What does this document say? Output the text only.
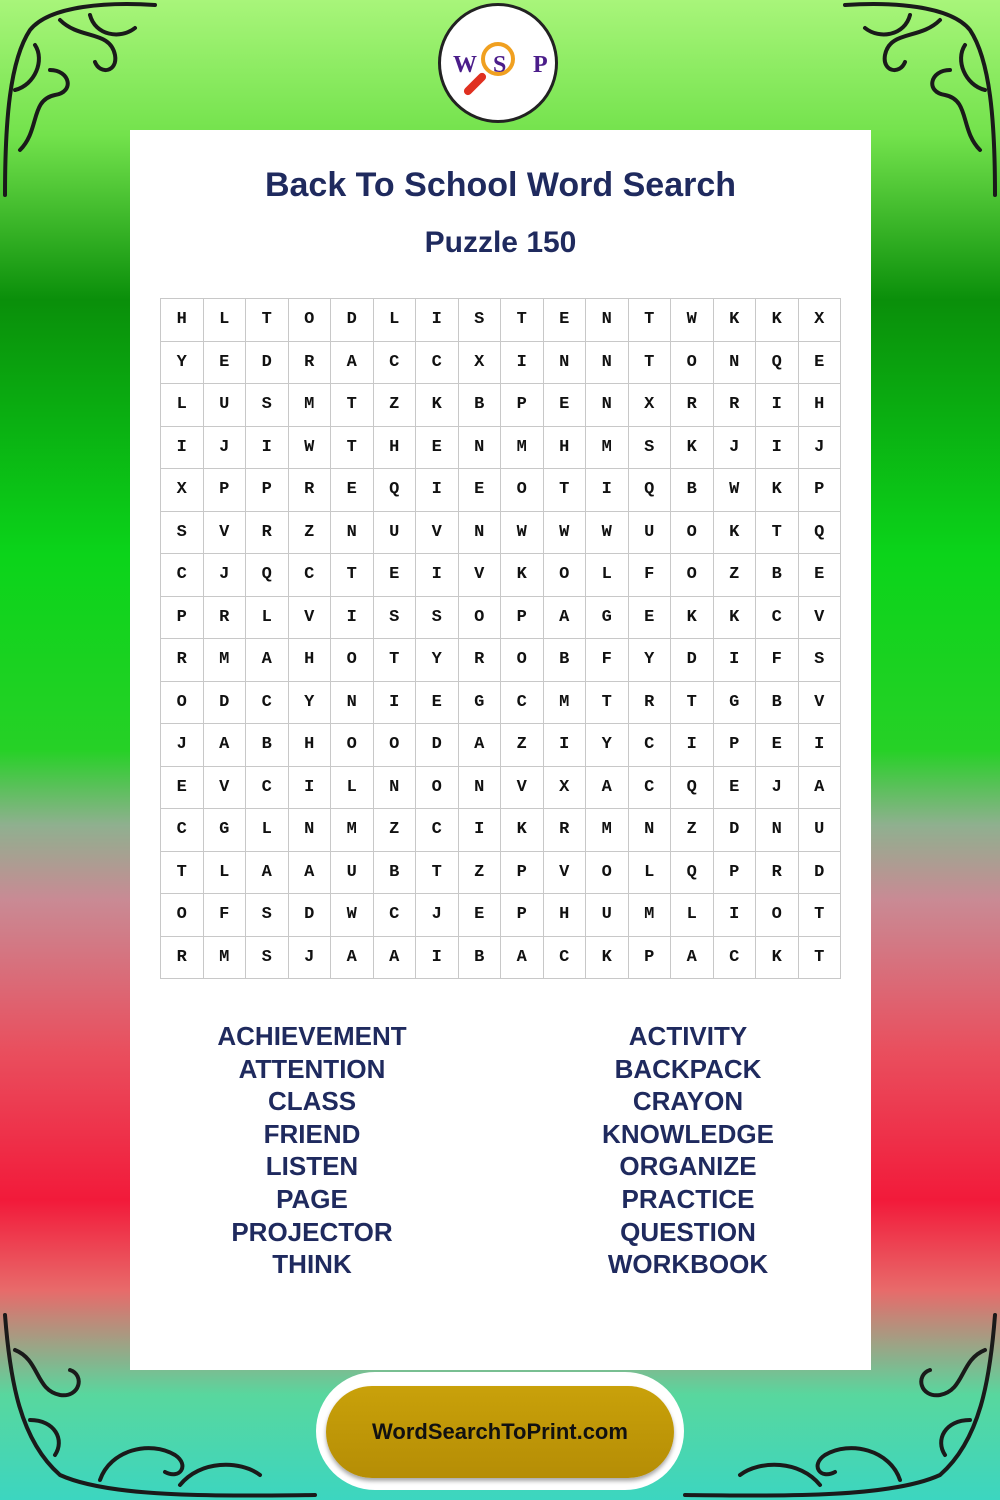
W S P
Back To School Word Search
Puzzle 150
H	L	T	O	D	L	I	S	T	E	N	T	W	K	K	X
Y	E	D	R	A	C	C	X	I	N	N	T	O	N	Q	E
L	U	S	M	T	Z	K	B	P	E	N	X	R	R	I	H
I	J	I	W	T	H	E	N	M	H	M	S	K	J	I	J
X	P	P	R	E	Q	I	E	O	T	I	Q	B	W	K	P
S	V	R	Z	N	U	V	N	W	W	W	U	O	K	T	Q
C	J	Q	C	T	E	I	V	K	O	L	F	O	Z	B	E
P	R	L	V	I	S	S	O	P	A	G	E	K	K	C	V
R	M	A	H	O	T	Y	R	O	B	F	Y	D	I	F	S
O	D	C	Y	N	I	E	G	C	M	T	R	T	G	B	V
J	A	B	H	O	O	D	A	Z	I	Y	C	I	P	E	I
E	V	C	I	L	N	O	N	V	X	A	C	Q	E	J	A
C	G	L	N	M	Z	C	I	K	R	M	N	Z	D	N	U
T	L	A	A	U	B	T	Z	P	V	O	L	Q	P	R	D
O	F	S	D	W	C	J	E	P	H	U	M	L	I	O	T
R	M	S	J	A	A	I	B	A	C	K	P	A	C	K	T
ACHIEVEMENT
ATTENTION
CLASS
FRIEND
LISTEN
PAGE
PROJECTOR
THINK
ACTIVITY
BACKPACK
CRAYON
KNOWLEDGE
ORGANIZE
PRACTICE
QUESTION
WORKBOOK
WordSearchToPrint.com
